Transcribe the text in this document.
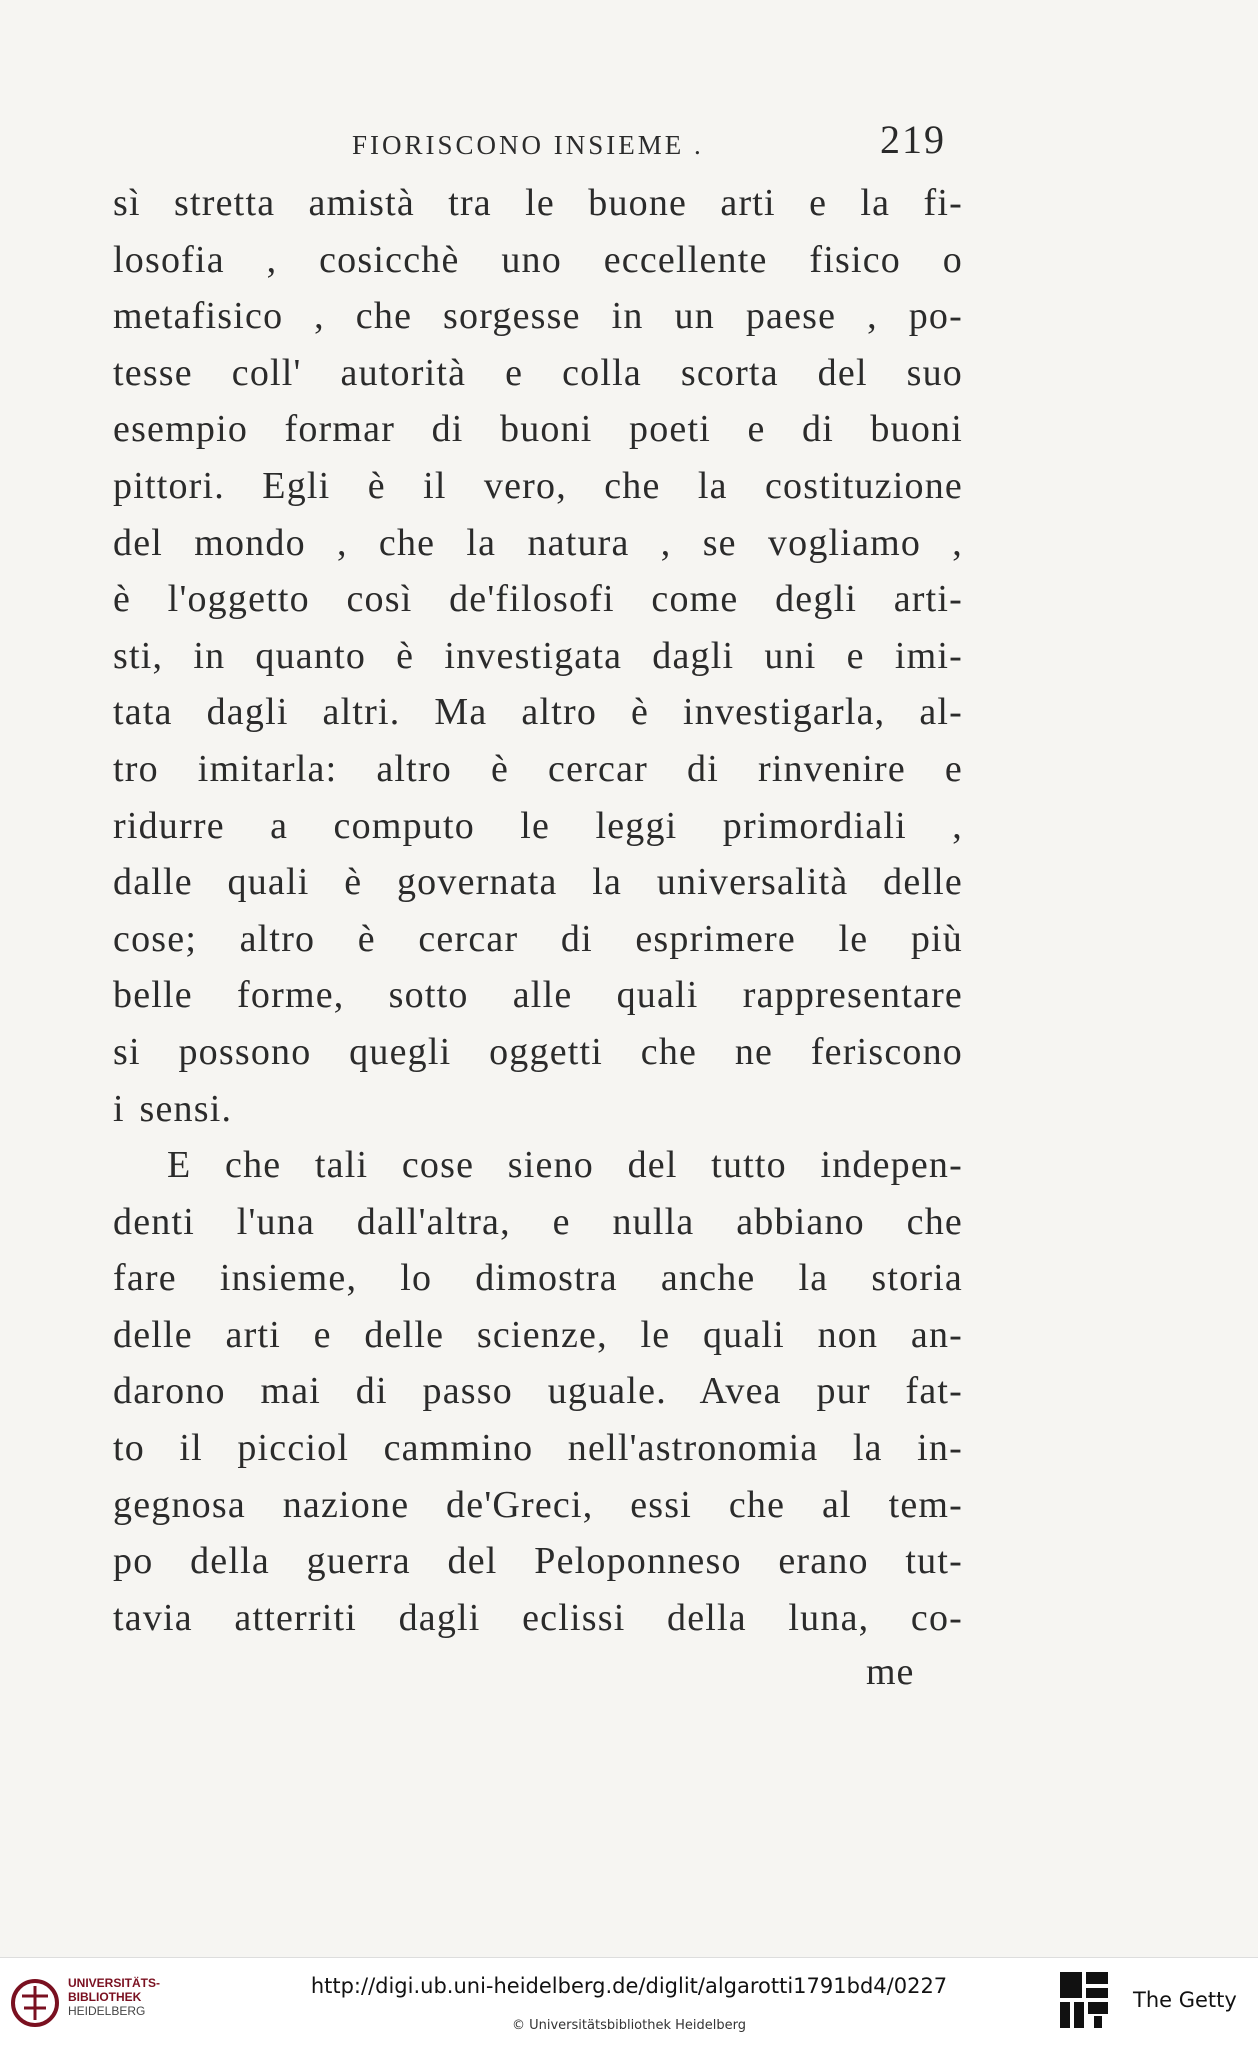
FIORISCONO INSIEME .	219
sì stretta amistà tra le buone arti e la fi-
losofia , cosicchè uno eccellente fisico o
metafisico , che sorgesse in un paese , po-
tesse coll' autorità e colla scorta del suo
esempio formar di buoni poeti e di buoni
pittori. Egli è il vero, che la costituzione
del mondo , che la natura , se vogliamo ,
è l'oggetto così de'filosofi come degli arti-
sti, in quanto è investigata dagli uni e imi-
tata dagli altri. Ma altro è investigarla, al-
tro imitarla: altro è cercar di rinvenire e
ridurre a computo le leggi primordiali ,
dalle quali è governata la universalità delle
cose; altro è cercar di esprimere le più
belle forme, sotto alle quali rappresentare
si possono quegli oggetti che ne feriscono
i sensi.
E che tali cose sieno del tutto indepen-
denti l'una dall'altra, e nulla abbiano che
fare insieme, lo dimostra anche la storia
delle arti e delle scienze, le quali non an-
darono mai di passo uguale. Avea pur fat-
to il picciol cammino nell'astronomia la in-
gegnosa nazione de'Greci, essi che al tem-
po della guerra del Peloponneso erano tut-
tavia atterriti dagli eclissi della luna, co-
me
UNIVERSITÄTS-
BIBLIOTHEK
HEIDELBERG
http://digi.ub.uni-heidelberg.de/diglit/algarotti1791bd4/0227
© Universitätsbibliothek Heidelberg
The Getty
